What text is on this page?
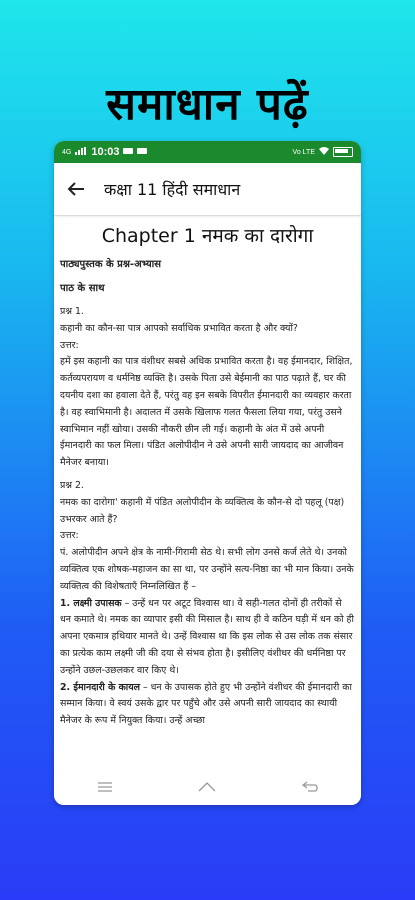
समाधान पढ़ें
4G 10:03	Vo LTE
कक्षा 11 हिंदी समाधान
Chapter 1 नमक का दारोगा
पाठ्यपुस्तक के प्रश्न-अभ्यास
पाठ के साथ

प्रश्न 1.
कहानी का कौन-सा पात्र आपको सर्वाधिक प्रभावित करता है और क्यों?
उत्तर:
हमें इस कहानी का पात्र वंशीधर सबसे अधिक प्रभावित करता है। वह ईमानदार, शिक्षित, कर्तव्यपरायण व धर्मनिष्ठ व्यक्ति है। उसके पिता उसे बेईमानी का पाठ पढ़ाते हैं, घर की दयनीय दशा का हवाला देते हैं, परंतु वह इन सबके विपरीत ईमानदारी का व्यवहार करता है। वह स्वाभिमानी है। अदालत में उसके खिलाफ गलत फैसला लिया गया, परंतु उसने स्वाभिमान नहीं खोया। उसकी नौकरी छीन ली गई। कहानी के अंत में उसे अपनी ईमानदारी का फल मिला। पंडित अलोपीदीन ने उसे अपनी सारी जायदाद का आजीवन मैनेजर बनाया।

प्रश्न 2.
नमक का दारोगा' कहानी में पंडित अलोपीदीन के व्यक्तित्व के कौन-से दो पहलू (पक्ष) उभरकर आते हैं?
उत्तर:
पं. अलोपीदीन अपने क्षेत्र के नामी-गिरामी सेठ थे। सभी लोग उनसे कर्ज लेते थे। उनको व्यक्तित्व एक शोषक-महाजन का सा था, पर उन्होंने सत्य-निष्ठा का भी मान किया। उनके व्यक्तित्व की विशेषताएँ निम्नलिखित हैं –
1. लक्ष्मी उपासक – उन्हें धन पर अटूट विश्वास था। वे सही-गलत दोनों ही तरीकों से धन कमाते थे। नमक का व्यापार इसी की मिसाल है। साथ ही वे कठिन घड़ी में धन को ही अपना एकमात्र हथियार मानते थे। उन्हें विश्वास था कि इस लोक से उस लोक तक संसार का प्रत्येक काम लक्ष्मी जी की दया से संभव होता है। इसीलिए वंशीधर की धर्मनिष्ठा पर उन्होंने उछल-उछलकर वार किए थे।
2. ईमानदारी के कायल – धन के उपासक होते हुए भी उन्होंने वंशीधर की ईमानदारी का सम्मान किया। वे स्वयं उसके द्वार पर पहुँचे और उसे अपनी सारी जायदाद का स्थायी मैनेजर के रूप में नियुक्त किया। उन्हें अच्छा
